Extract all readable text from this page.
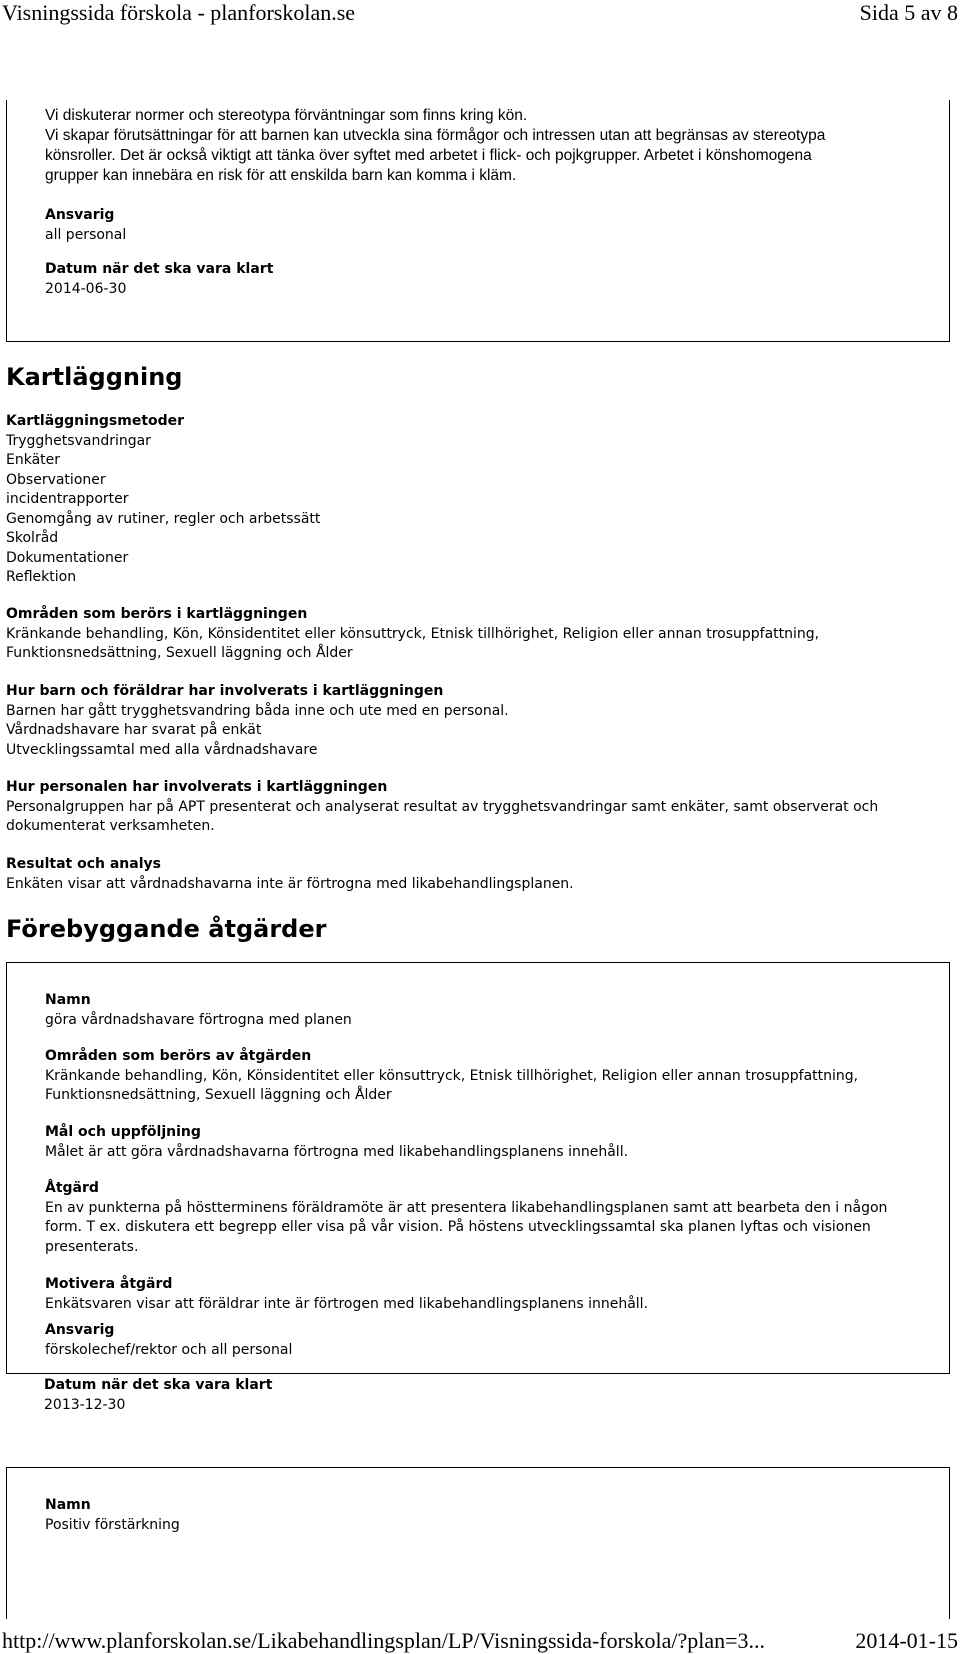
Visningssida förskola - planforskolan.se	Sida 5 av 8

Vi diskuterar normer och stereotypa förväntningar som finns kring kön.

Vi skapar förutsättningar för att barnen kan utveckla sina förmågor och intressen utan att begränsas av stereotypa

könsroller. Det är också viktigt att tänka över syftet med arbetet i flick- och pojkgrupper. Arbetet i könshomogena

grupper kan innebära en risk för att enskilda barn kan komma i kläm.

Ansvarig
all personal
Datum när det ska vara klart
2014-06-30
Kartläggning
Kartläggningsmetoder
Trygghetsvandringar
Enkäter
Observationer
incidentrapporter
Genomgång av rutiner, regler och arbetssätt
Skolråd
Dokumentationer
Reflektion
Områden som berörs i kartläggningen
Kränkande behandling, Kön, Könsidentitet eller könsuttryck, Etnisk tillhörighet, Religion eller annan trosuppfattning,
Funktionsnedsättning, Sexuell läggning och Ålder
Hur barn och föräldrar har involverats i kartläggningen
Barnen har gått trygghetsvandring båda inne och ute med en personal.
Vårdnadshavare har svarat på enkät
Utvecklingssamtal med alla vårdnadshavare
Hur personalen har involverats i kartläggningen
Personalgruppen har på APT presenterat och analyserat resultat av trygghetsvandringar samt enkäter, samt observerat och
dokumenterat verksamheten.
Resultat och analys
Enkäten visar att vårdnadshavarna inte är förtrogna med likabehandlingsplanen.
Förebyggande åtgärder
Namn
göra vårdnadshavare förtrogna med planen
Områden som berörs av åtgärden
Kränkande behandling, Kön, Könsidentitet eller könsuttryck, Etnisk tillhörighet, Religion eller annan trosuppfattning,
Funktionsnedsättning, Sexuell läggning och Ålder
Mål och uppföljning
Målet är att göra vårdnadshavarna förtrogna med likabehandlingsplanens innehåll.
Åtgärd
En av punkterna på höstterminens föräldramöte är att presentera likabehandlingsplanen samt att bearbeta den i någon
form. T ex. diskutera ett begrepp eller visa på vår vision. På höstens utvecklingssamtal ska planen lyftas och visionen
presenterats.
Motivera åtgärd
Enkätsvaren visar att föräldrar inte är förtrogen med likabehandlingsplanens innehåll.
Ansvarig
förskolechef/rektor och all personal
Datum när det ska vara klart
2013-12-30
Namn
Positiv förstärkning
http://www.planforskolan.se/Likabehandlingsplan/LP/Visningssida-forskola/?plan=3...	2014-01-15
